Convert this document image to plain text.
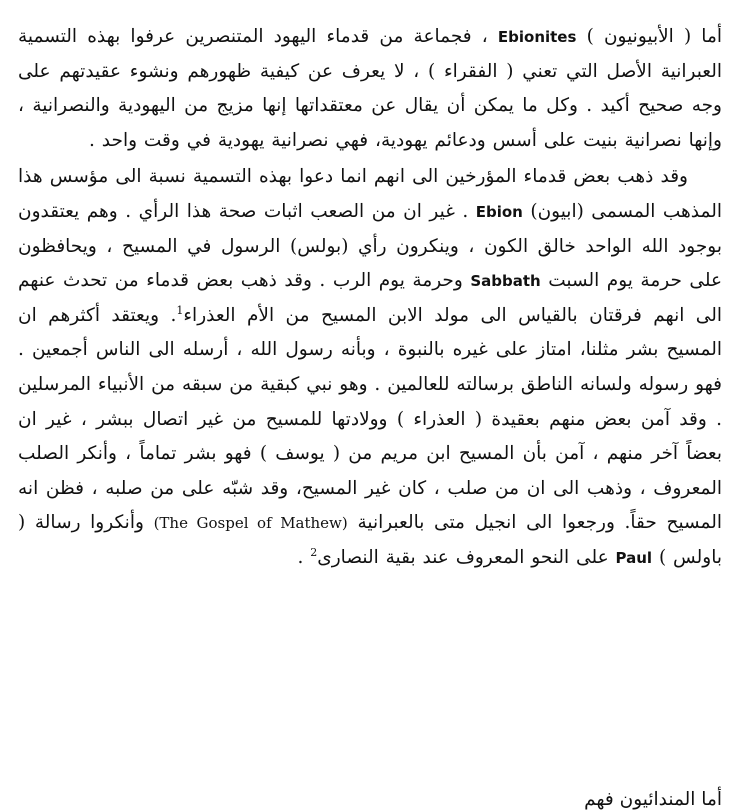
أما ( الأبيونيون ) Ebionites ، فجماعة من قدماء اليهود المتنصرين عرفوا بهذه التسمية العبرانية الأصل التي تعني ( الفقراء ) ، لا يعرف عن كيفية ظهورهم ونشوء عقيدتهم على وجه صحيح أكيد . وكل ما يمكن أن يقال عن معتقداتها إنها مزيج من اليهودية والنصرانية ، وإنها نصرانية بنيت على أسس ودعائم يهودية، فهي نصرانية يهودية في وقت واحد .

وقد ذهب بعض قدماء المؤرخين الى انهم انما دعوا بهذه التسمية نسبة الى مؤسس هذا المذهب المسمى (ابيون) Ebion . غير ان من الصعب اثبات صحة هذا الرأي . وهم يعتقدون بوجود الله الواحد خالق الكون ، وينكرون رأي (بولس) الرسول في المسيح ، ويحافظون على حرمة يوم السبت Sabbath وحرمة يوم الرب . وقد ذهب بعض قدماء من تحدث عنهم الى انهم فرقتان بالقياس الى مولد الابن المسيح من الأم العذراء$^1$. ويعتقد أكثرهم ان المسيح بشر مثلنا، امتاز على غيره بالنبوة ، وبأنه رسول الله ، أرسله الى الناس أجمعين . فهو رسوله ولسانه الناطق برسالته للعالمين . وهو نبي كبقية من سبقه من الأنبياء المرسلين . وقد آمن بعض منهم بعقيدة ( العذراء ) وولادتها للمسيح من غير اتصال ببشر ، غير ان بعضاً آخر منهم ، آمن بأن المسيح ابن مريم من ( يوسف ) فهو بشر تماماً ، وأنكر الصلب المعروف ، وذهب الى ان من صلب ، كان غير المسيح، وقد شبّه على من صلبه ، فظن انه المسيح حقاً. ورجعوا الى انجيل متى بالعبرانية (The Gospel of Mathew) وأنكروا رسالة ( باولس ) Paul على النحو المعروف عند بقية النصارى$^2$ .

أما المندائيون فهم
